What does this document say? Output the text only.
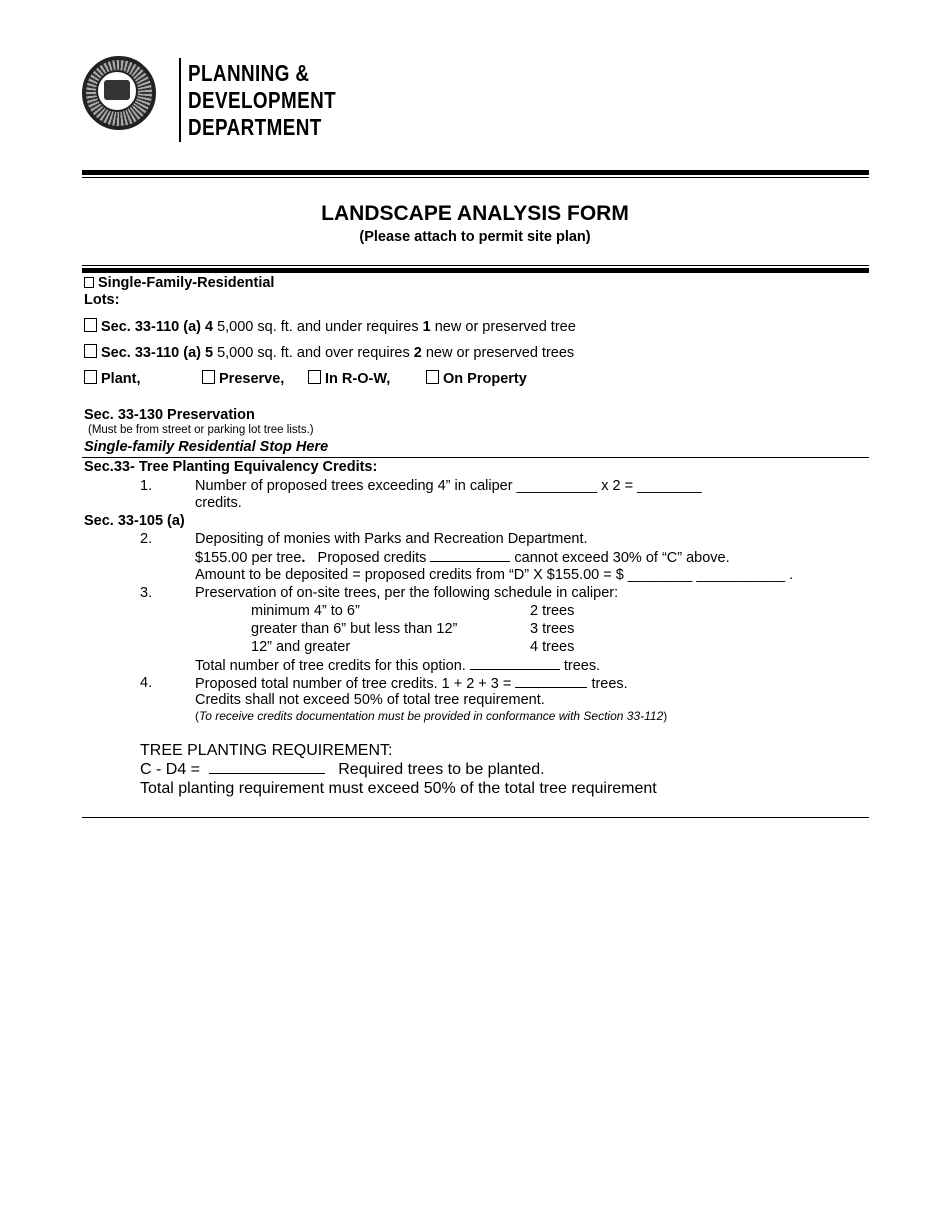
PLANNING &
DEVELOPMENT
DEPARTMENT
LANDSCAPE ANALYSIS FORM
(Please attach to permit site plan)
Single-Family-Residential
Lots:
Sec. 33-110 (a) 4 5,000 sq. ft. and under requires 1 new or preserved tree
Sec. 33-110 (a) 5 5,000 sq. ft. and over requires 2 new or preserved trees
Plant,	Preserve,	In R-O-W,	On Property
Sec. 33-130 Preservation
(Must be from street or parking lot tree lists.)
Single-family Residential Stop Here
Sec.33- Tree Planting Equivalency Credits:
1.	Number of proposed trees exceeding 4” in caliper __________ x 2 = ________
credits.
Sec. 33-105 (a)
2.	Depositing of monies with Parks and Recreation Department.
$155.00 per tree. Proposed credits	cannot exceed 30% of “C” above.
Amount to be deposited = proposed credits from “D” X $155.00 = $ ________ ___________ .
3.	Preservation of on-site trees, per the following schedule in caliper:
minimum 4” to 6”	2 trees
greater than 6” but less than 12”	3 trees
12” and greater	4 trees
Total number of tree credits for this option.	trees.
4.	Proposed total number of tree credits. 1 + 2 + 3 =	trees.
Credits shall not exceed 50% of total tree requirement.
(To receive credits documentation must be provided in conformance with Section 33-112)
TREE PLANTING REQUIREMENT:
C - D4 =	Required trees to be planted.
Total planting requirement must exceed 50% of the total tree requirement
